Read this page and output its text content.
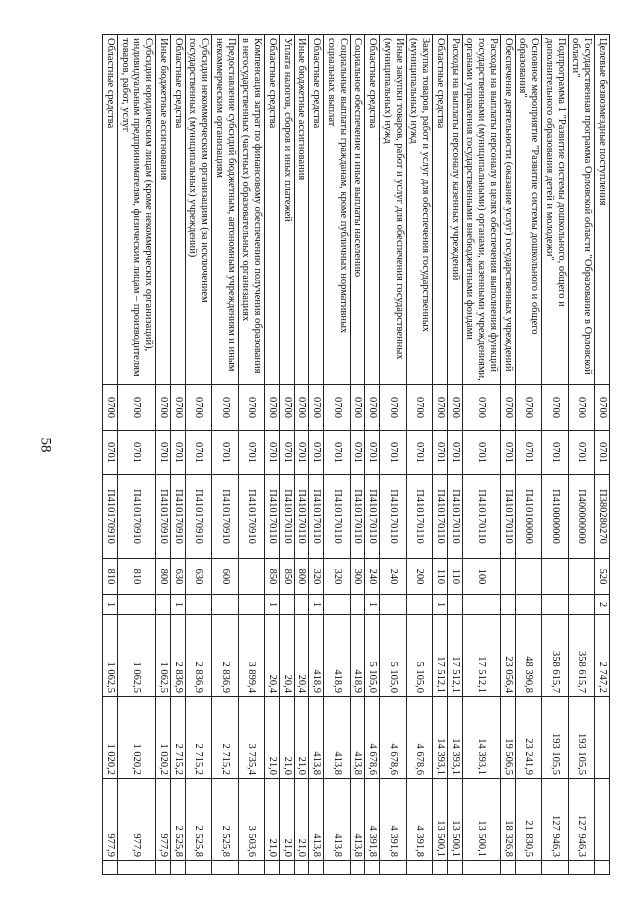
58
Целевые безвозмездные поступления	0700	0701	П380280270	520	2	2 747,2			
Государственная программа Орловской области "Образование в Орловской области"	0700	0701	П400000000			358 615,7	193 105,5	127 946,3	
Подпрограмма 1 "Развитие системы дошкольного, общего и дополнительного образования детей и молодежи"	0700	0701	П410000000			358 615,7	193 105,5	127 946,3	
Основное мероприятие "Развитие системы дошкольного и общего образования"	0700	0701	П410100000			48 390,8	23 241,9	21 830,5	
Обеспечение деятельности (оказание услуг) государственных учреждений	0700	0701	П410170110			23 056,4	19 506,5	18 326,8	
Расходы на выплаты персоналу в целях обеспечения выполнения функций государственными (муниципальными) органами, казенными учреждениями, органами управления государственными внебюджетными фондами	0700	0701	П410170110	100		17 512,1	14 393,1	13 500,1	
Расходы на выплаты персоналу казенных учреждений	0700	0701	П410170110	110		17 512,1	14 393,1	13 500,1	
Областные средства	0700	0701	П410170110	110	1	17 512,1	14 393,1	13 500,1	
Закупка товаров, работ и услуг для обеспечения государственных (муниципальных) нужд	0700	0701	П410170110	200		5 105,0	4 678,6	4 391,8	
Иные закупки товаров, работ и услуг для обеспечения государственных (муниципальных) нужд	0700	0701	П410170110	240		5 105,0	4 678,6	4 391,8	
Областные средства	0700	0701	П410170110	240	1	5 105,0	4 678,6	4 391,8	
Социальное обеспечение и иные выплаты населению	0700	0701	П410170110	300		418,9	413,8	413,8	
Социальные выплаты гражданам, кроме публичных нормативных социальных выплат	0700	0701	П410170110	320		418,9	413,8	413,8	
Областные средства	0700	0701	П410170110	320	1	418,9	413,8	413,8	
Иные бюджетные ассигнования	0700	0701	П410170110	800		20,4	21,0	21,0	
Уплата налогов, сборов и иных платежей	0700	0701	П410170110	850		20,4	21,0	21,0	
Областные средства	0700	0701	П410170110	850	1	20,4	21,0	21,0	
Компенсация затрат по финансовому обеспечению получения образования в негосударственных (частных) образовательных организациях	0700	0701	П410170910			3 899,4	3 735,4	3 503,6	
Предоставление субсидий бюджетным, автономным учреждениям и иным некоммерческим организациям	0700	0701	П410170910	600		2 836,9	2 715,2	2 525,8	
Субсидии некоммерческим организациям (за исключением государственных (муниципальных) учреждений)	0700	0701	П410170910	630		2 836,9	2 715,2	2 525,8	
Областные средства	0700	0701	П410170910	630	1	2 836,9	2 715,2	2 525,8	
Иные бюджетные ассигнования	0700	0701	П410170910	800		1 062,5	1 020,2	977,9	
Субсидии юридическим лицам (кроме некоммерческих организаций), индивидуальным предпринимателям, физическим лицам – производителям товаров, работ, услуг	0700	0701	П410170910	810		1 062,5	1 020,2	977,9	
Областные средства	0700	0701	П410170910	810	1	1 062,5	1 020,2	977,9	
